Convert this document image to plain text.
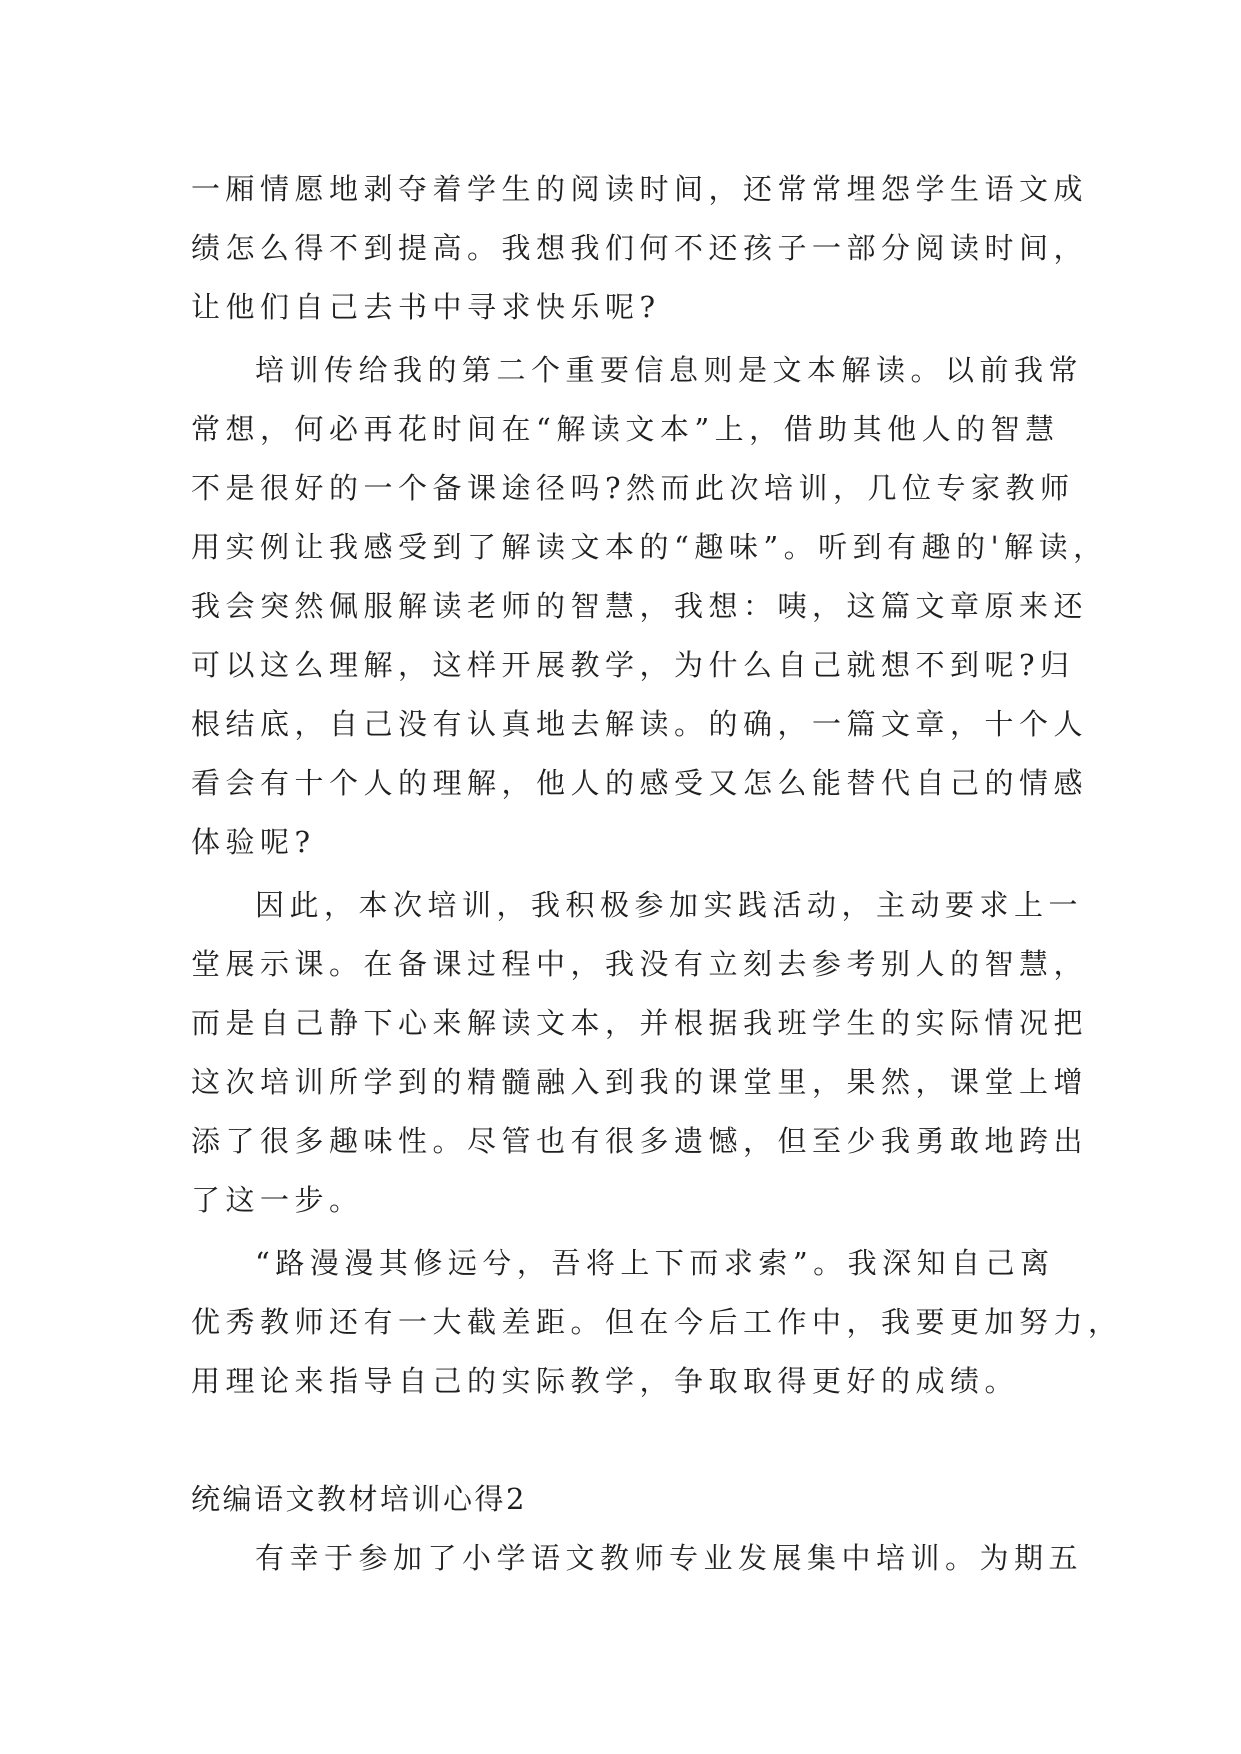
一厢情愿地剥夺着学生的阅读时间，还常常埋怨学生语文成
绩怎么得不到提高。我想我们何不还孩子一部分阅读时间，
让他们自己去书中寻求快乐呢?
培训传给我的第二个重要信息则是文本解读。以前我常
常想，何必再花时间在“解读文本”上，借助其他人的智慧
不是很好的一个备课途径吗?然而此次培训，几位专家教师
用实例让我感受到了解读文本的“趣味”。听到有趣的'解读，
我会突然佩服解读老师的智慧，我想：咦，这篇文章原来还
可以这么理解，这样开展教学，为什么自己就想不到呢?归
根结底，自己没有认真地去解读。的确，一篇文章，十个人
看会有十个人的理解，他人的感受又怎么能替代自己的情感
体验呢?
因此，本次培训，我积极参加实践活动，主动要求上一
堂展示课。在备课过程中，我没有立刻去参考别人的智慧，
而是自己静下心来解读文本，并根据我班学生的实际情况把
这次培训所学到的精髓融入到我的课堂里，果然，课堂上增
添了很多趣味性。尽管也有很多遗憾，但至少我勇敢地跨出
了这一步。
“路漫漫其修远兮，吾将上下而求索”。我深知自己离
优秀教师还有一大截差距。但在今后工作中，我要更加努力，
用理论来指导自己的实际教学，争取取得更好的成绩。
统编语文教材培训心得2
有幸于参加了小学语文教师专业发展集中培训。为期五
